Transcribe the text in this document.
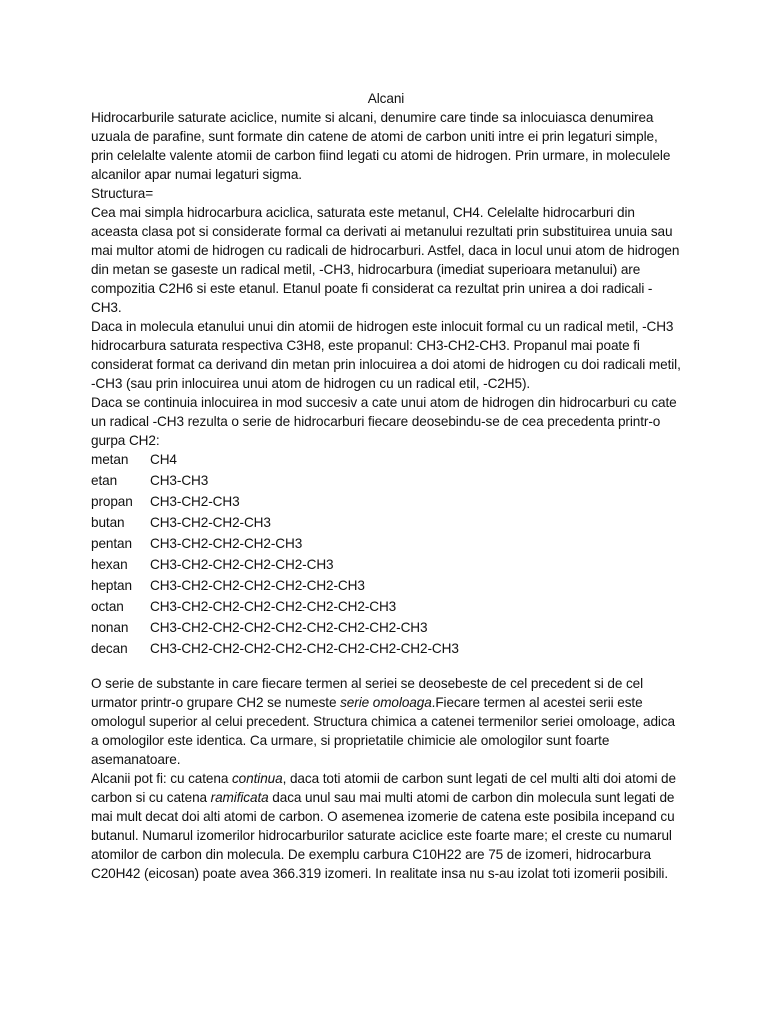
Alcani

Hidrocarburile saturate aciclice, numite si alcani, denumire care tinde sa inlocuiasca denumirea uzuala de parafine, sunt formate din catene de atomi de carbon uniti intre ei prin legaturi simple, prin celelalte valente atomii de carbon fiind legati cu atomi de hidrogen. Prin urmare, in moleculele alcanilor apar numai legaturi sigma.

Structura=

Cea mai simpla hidrocarbura aciclica, saturata este metanul, CH4. Celelalte hidrocarburi din aceasta clasa pot si considerate formal ca derivati ai metanului rezultati prin substituirea unuia sau mai multor atomi de hidrogen cu radicali de hidrocarburi. Astfel, daca in locul unui atom de hidrogen din metan se gaseste un radical metil, -CH3, hidrocarbura (imediat superioara metanului) are compozitia C2H6 si este etanul. Etanul poate fi considerat ca rezultat prin unirea a doi radicali -CH3.

Daca in molecula etanului unui din atomii de hidrogen este inlocuit formal cu un radical metil, -CH3 hidrocarbura saturata respectiva C3H8, este propanul: CH3-CH2-CH3. Propanul mai poate fi considerat format ca derivand din metan prin inlocuirea a doi atomi de hidrogen cu doi radicali metil, -CH3 (sau prin inlocuirea unui atom de hidrogen cu un radical etil, -C2H5).

Daca se continuia inlocuirea in mod succesiv a cate unui atom de hidrogen din hidrocarburi cu cate un radical -CH3 rezulta o serie de hidrocarburi fiecare deosebindu-se de cea precedenta printr-o gurpa CH2:

metan	CH4
etan	CH3-CH3
propan	CH3-CH2-CH3
butan	CH3-CH2-CH2-CH3
pentan	CH3-CH2-CH2-CH2-CH3
hexan	CH3-CH2-CH2-CH2-CH2-CH3
heptan	CH3-CH2-CH2-CH2-CH2-CH2-CH3
octan	CH3-CH2-CH2-CH2-CH2-CH2-CH2-CH3
nonan	CH3-CH2-CH2-CH2-CH2-CH2-CH2-CH2-CH3
decan	CH3-CH2-CH2-CH2-CH2-CH2-CH2-CH2-CH2-CH3

O serie de substante in care fiecare termen al seriei se deosebeste de cel precedent si de cel urmator printr-o grupare CH2 se numeste serie omoloaga.Fiecare termen al acestei serii este omologul superior al celui precedent. Structura chimica a catenei termenilor seriei omoloage, adica a omologilor este identica. Ca urmare, si proprietatile chimicie ale omologilor sunt foarte asemanatoare.

Alcanii pot fi: cu catena continua, daca toti atomii de carbon sunt legati de cel multi alti doi atomi de carbon si cu catena ramificata daca unul sau mai multi atomi de carbon din molecula sunt legati de mai mult decat doi alti atomi de carbon. O asemenea izomerie de catena este posibila incepand cu butanul. Numarul izomerilor hidrocarburilor saturate aciclice este foarte mare; el creste cu numarul atomilor de carbon din molecula. De exemplu carbura C10H22 are 75 de izomeri, hidrocarbura C20H42 (eicosan) poate avea 366.319 izomeri. In realitate insa nu s-au izolat toti izomerii posibili.
